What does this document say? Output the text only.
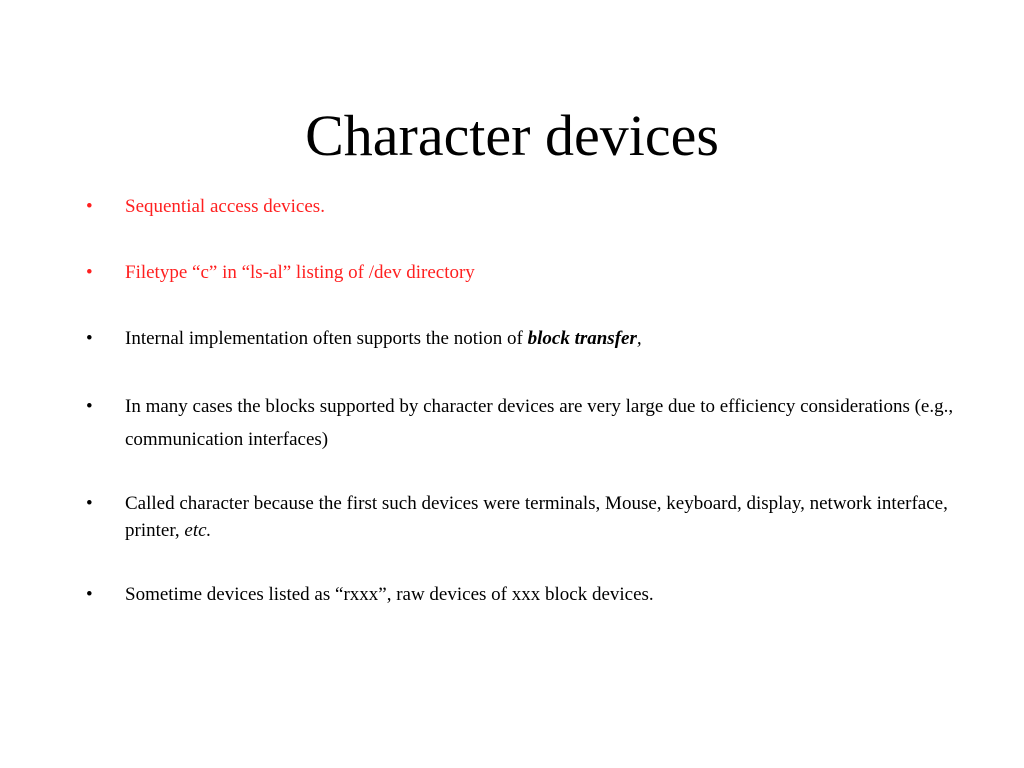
Character devices
• Sequential access devices.
• Filetype “c” in “ls-al” listing of /dev directory
• Internal implementation often supports the notion of block transfer,
• In many cases the blocks supported by character devices are very large due to efficiency considerations (e.g., communication interfaces)
• Called character because the first such devices were terminals, Mouse, keyboard, display, network interface, printer, etc.
• Sometime devices listed as “rxxx”, raw devices of xxx block devices.
